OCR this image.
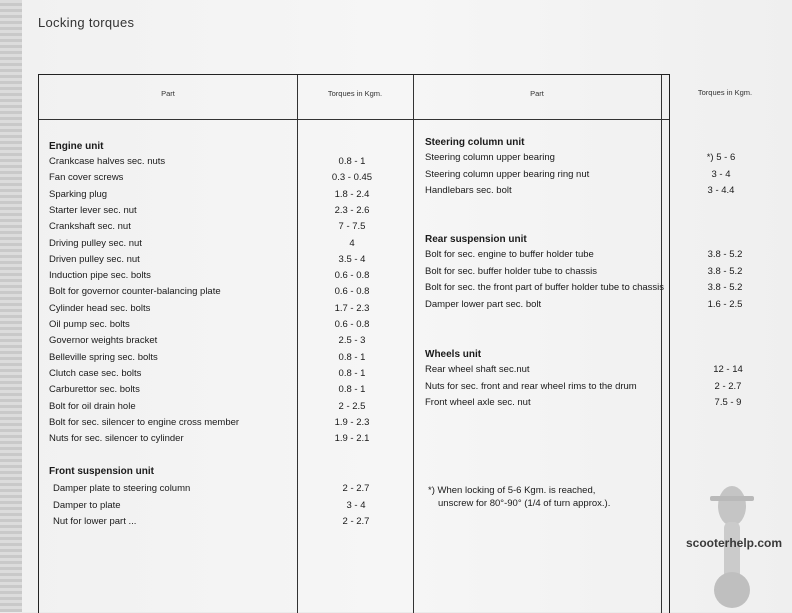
Locking torques
Part	Torques in Kgm.	Part	Torques in Kgm.
Engine unit
Crankcase halves sec. nuts	0.8 - 1
Fan cover screws	0.3 - 0.45
Sparking plug	1.8 - 2.4
Starter lever sec. nut	2.3 - 2.6
Crankshaft sec. nut	7 - 7.5
Driving pulley sec. nut	4
Driven pulley sec. nut	3.5 - 4
Induction pipe sec. bolts	0.6 - 0.8
Bolt for governor counter-balancing plate	0.6 - 0.8
Cylinder head sec. bolts	1.7 - 2.3
Oil pump sec. bolts	0.6 - 0.8
Governor weights bracket	2.5 - 3
Belleville spring sec. bolts	0.8 - 1
Clutch case sec. bolts	0.8 - 1
Carburettor sec. bolts	0.8 - 1
Bolt for oil drain hole	2 - 2.5
Bolt for sec. silencer to engine cross member	1.9 - 2.3
Nuts for sec. silencer to cylinder	1.9 - 2.1
Front suspension unit
Damper plate to steering column	2 - 2.7
Damper to plate	3 - 4
Nut for lower part ...	2 - 2.7
Steering column unit
Steering column upper bearing	*) 5 - 6
Steering column upper bearing ring nut	3 - 4
Handlebars sec. bolt	3 - 4.4
Rear suspension unit
Bolt for sec. engine to buffer holder tube	3.8 - 5.2
Bolt for sec. buffer holder tube to chassis	3.8 - 5.2
Bolt for sec. the front part of buffer holder tube to chassis	3.8 - 5.2
Damper lower part sec. bolt	1.6 - 2.5
Wheels unit
Rear wheel shaft sec.nut	12 - 14
Nuts for sec. front and rear wheel rims to the drum	2 - 2.7
Front wheel axle sec. nut	7.5 - 9
*) When locking of 5-6 Kgm. is reached,
unscrew for 80°-90° (1/4 of turn approx.).
scooterhelp.com
